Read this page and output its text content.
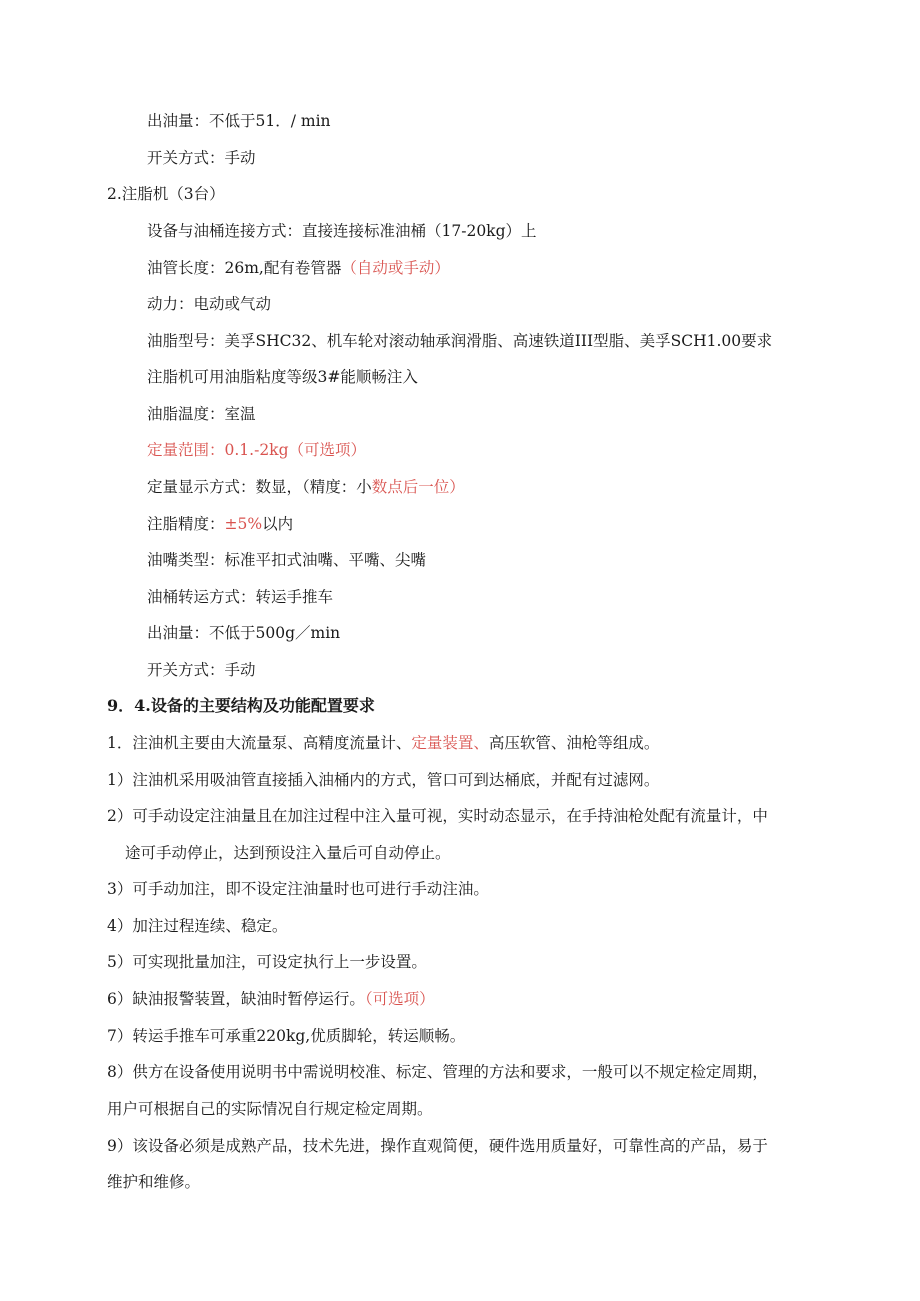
出油量：不低于51．/ min
开关方式：手动
2.注脂机（3台）
设备与油桶连接方式：直接连接标准油桶（17-20kg）上
油管长度：26m,配有卷管器（自动或手动）
动力：电动或气动
油脂型号：美孚SHC32、机车轮对滚动轴承润滑脂、高速铁道III型脂、美孚SCH1.00要求
注脂机可用油脂粘度等级3#能顺畅注入
油脂温度：室温
定量范围：0.1.-2kg（可选项）
定量显示方式：数显，（精度：小数点后一位）
注脂精度：±5%以内
油嘴类型：标准平扣式油嘴、平嘴、尖嘴
油桶转运方式：转运手推车
出油量：不低于500g／min
开关方式：手动
9．4.设备的主要结构及功能配置要求
1．注油机主要由大流量泵、高精度流量计、定量装置、高压软管、油枪等组成。
1）注油机采用吸油管直接插入油桶内的方式，管口可到达桶底，并配有过滤网。
2）可手动设定注油量且在加注过程中注入量可视，实时动态显示，在手持油枪处配有流量计，中
途可手动停止，达到预设注入量后可自动停止。
3）可手动加注，即不设定注油量时也可进行手动注油。
4）加注过程连续、稳定。
5）可实现批量加注，可设定执行上一步设置。
6）缺油报警装置，缺油时暂停运行。（可选项）
7）转运手推车可承重220kg,优质脚轮，转运顺畅。
8）供方在设备使用说明书中需说明校准、标定、管理的方法和要求，一般可以不规定检定周期，
用户可根据自己的实际情况自行规定检定周期。
9）该设备必须是成熟产品，技术先进，操作直观简便，硬件选用质量好，可靠性高的产品，易于
维护和维修。
